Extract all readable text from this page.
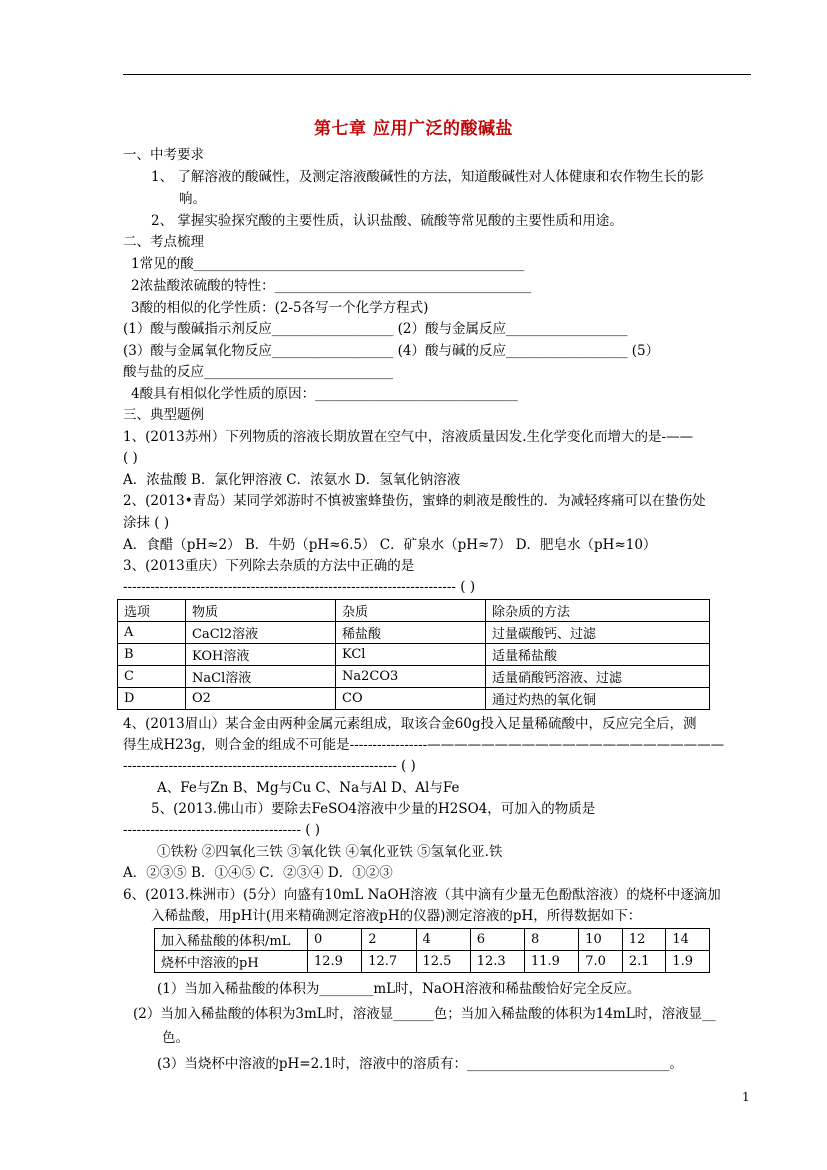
第七章 应用广泛的酸碱盐
一、中考要求
1、 了解溶液的酸碱性，及测定溶液酸碱性的方法，知道酸碱性对人体健康和农作物生长的影
响。
2、 掌握实验探究酸的主要性质，认识盐酸、硫酸等常见酸的主要性质和用途。
二、考点梳理
1常见的酸_________________________________________________
2浓盐酸浓硫酸的特性：______________________________________
3酸的相似的化学性质：(2-5各写一个化学方程式)
(1）酸与酸碱指示剂反应__________________ (2）酸与金属反应__________________
(3）酸与金属氧化物反应__________________ (4）酸与碱的反应__________________ (5）
酸与盐的反应____________________________
4酸具有相似化学性质的原因：______________________________
三、典型题例
1、(2013苏州）下列物质的溶液长期放置在空气中，溶液质量因发.生化学变化而增大的是-——
( )
A．浓盐酸 B．氯化钾溶液 C．浓氨水 D．氢氧化钠溶液
2、(2013•青岛）某同学郊游时不慎被蜜蜂蛰伤，蜜蜂的刺液是酸性的．为减轻疼痛可以在蛰伤处
涂抹 ( )
A．食醋（pH≈2） B．牛奶（pH≈6.5） C．矿泉水（pH≈7） D．肥皂水（pH≈10）
3、(2013重庆）下列除去杂质的方法中正确的是
------------------------------------------------------------------------- ( )
选项	物质	杂质	除杂质的方法
A	CaCl2溶液	稀盐酸	过量碳酸钙、过滤
B	KOH溶液	KCl	适量稀盐酸
C	NaCl溶液	Na2CO3	适量硝酸钙溶液、过滤
D	O2	CO	通过灼热的氧化铜
4、(2013眉山）某合金由两种金属元素组成，取该合金60g投入足量稀硫酸中，反应完全后，测
得生成H23g，则合金的组成不可能是-----------------——————————————————————
------------------------------------------------------------ ( )
A、Fe与Zn B、Mg与Cu C、Na与Al D、Al与Fe
5、(2013.佛山市）要除去FeSO4溶液中少量的H2SO4，可加入的物质是
--------------------------------------- ( )
①铁粉 ②四氧化三铁 ③氧化铁 ④氧化亚铁 ⑤氢氧化亚.铁
A．②③⑤ B．①④⑤ C．②③④ D．①②③
6、(2013.株洲市）(5分）向盛有10mL NaOH溶液（其中滴有少量无色酚酞溶液）的烧杯中逐滴加
入稀盐酸，用pH计(用来精确测定溶液pH的仪器)测定溶液的pH，所得数据如下：
加入稀盐酸的体积/mL	0	2	4	6	8	10	12	14
烧杯中溶液的pH	12.9	12.7	12.5	12.3	11.9	7.0	2.1	1.9
(1）当加入稀盐酸的体积为________mL时，NaOH溶液和稀盐酸恰好完全反应。
(2）当加入稀盐酸的体积为3mL时，溶液显______色；当加入稀盐酸的体积为14mL时，溶液显__
色。
(3）当烧杯中溶液的pH=2.1时，溶液中的溶质有：______________________________。
1
